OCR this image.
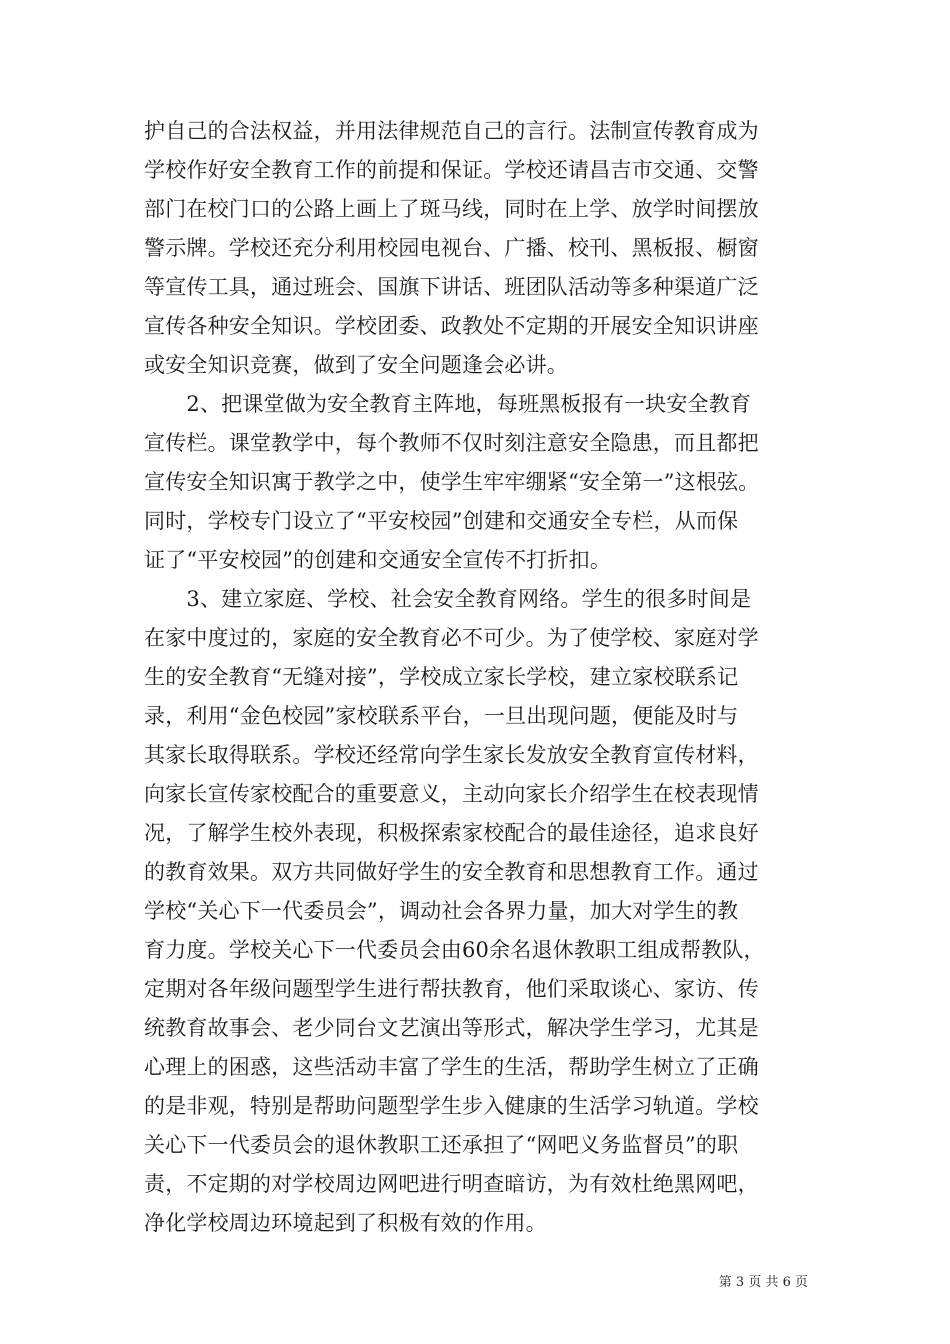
护自己的合法权益，并用法律规范自己的言行。法制宣传教育成为
学校作好安全教育工作的前提和保证。学校还请昌吉市交通、交警
部门在校门口的公路上画上了斑马线，同时在上学、放学时间摆放
警示牌。学校还充分利用校园电视台、广播、校刊、黑板报、橱窗
等宣传工具，通过班会、国旗下讲话、班团队活动等多种渠道广泛
宣传各种安全知识。学校团委、政教处不定期的开展安全知识讲座
或安全知识竞赛，做到了安全问题逢会必讲。
　　2、把课堂做为安全教育主阵地，每班黑板报有一块安全教育
宣传栏。课堂教学中，每个教师不仅时刻注意安全隐患，而且都把
宣传安全知识寓于教学之中，使学生牢牢绷紧“安全第一”这根弦。
同时，学校专门设立了“平安校园”创建和交通安全专栏，从而保
证了“平安校园”的创建和交通安全宣传不打折扣。
　　3、建立家庭、学校、社会安全教育网络。学生的很多时间是
在家中度过的，家庭的安全教育必不可少。为了使学校、家庭对学
生的安全教育“无缝对接”，学校成立家长学校，建立家校联系记
录，利用“金色校园”家校联系平台，一旦出现问题，便能及时与
其家长取得联系。学校还经常向学生家长发放安全教育宣传材料，
向家长宣传家校配合的重要意义，主动向家长介绍学生在校表现情
况，了解学生校外表现，积极探索家校配合的最佳途径，追求良好
的教育效果。双方共同做好学生的安全教育和思想教育工作。通过
学校“关心下一代委员会”，调动社会各界力量，加大对学生的教
育力度。学校关心下一代委员会由60余名退休教职工组成帮教队，
定期对各年级问题型学生进行帮扶教育，他们采取谈心、家访、传
统教育故事会、老少同台文艺演出等形式，解决学生学习，尤其是
心理上的困惑，这些活动丰富了学生的生活，帮助学生树立了正确
的是非观，特别是帮助问题型学生步入健康的生活学习轨道。学校
关心下一代委员会的退休教职工还承担了“网吧义务监督员”的职
责，不定期的对学校周边网吧进行明查暗访，为有效杜绝黑网吧，
净化学校周边环境起到了积极有效的作用。
第 3 页 共 6 页
